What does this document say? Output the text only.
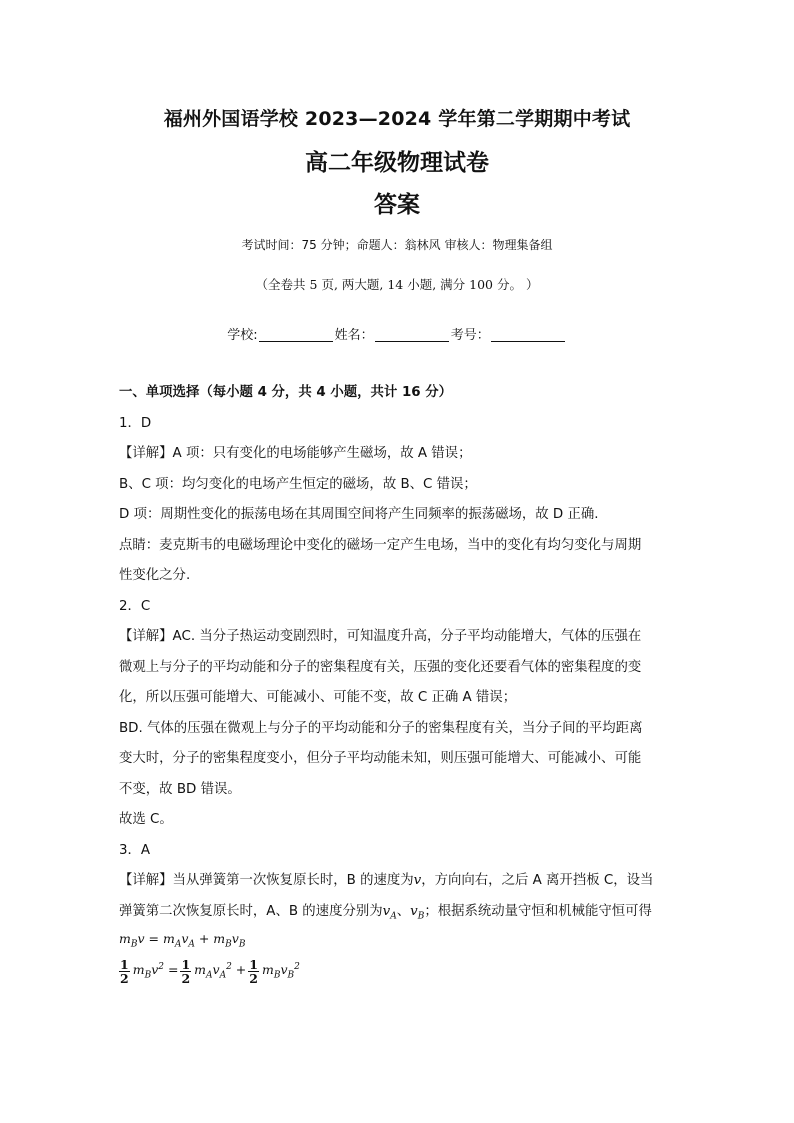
福州外国语学校 2023—2024 学年第二学期期中考试
高二年级物理试卷
答案
考试时间：75 分钟；命题人：翁林风 审核人：物理集备组
（全卷共 5 页, 两大题, 14 小题, 满分 100 分。 ）
学校:	姓名：	考号：
一、单项选择（每小题 4 分，共 4 小题，共计 16 分）
1．D
【详解】A 项：只有变化的电场能够产生磁场，故 A 错误；
B、C 项：均匀变化的电场产生恒定的磁场，故 B、C 错误；
D 项：周期性变化的振荡电场在其周围空间将产生同频率的振荡磁场，故 D 正确.
点睛：麦克斯韦的电磁场理论中变化的磁场一定产生电场，当中的变化有均匀变化与周期
性变化之分.
2．C
【详解】AC. 当分子热运动变剧烈时，可知温度升高，分子平均动能增大，气体的压强在
微观上与分子的平均动能和分子的密集程度有关，压强的变化还要看气体的密集程度的变
化，所以压强可能增大、可能减小、可能不变，故 C 正确 A 错误；
BD. 气体的压强在微观上与分子的平均动能和分子的密集程度有关，当分子间的平均距离
变大时，分子的密集程度变小，但分子平均动能未知，则压强可能增大、可能减小、可能
不变，故 BD 错误。
故选 C。
3．A
【详解】当从弹簧第一次恢复原长时，B 的速度为v，方向向右，之后 A 离开挡板 C，设当
弹簧第二次恢复原长时，A、B 的速度分别为$v_A$、$v_B$；根据系统动量守恒和机械能守恒可得
$m_Bv = m_Av_A + m_Bv_B$
$\frac{1}{2} m_Bv^2 = \frac{1}{2} m_Av_A^2 + \frac{1}{2} m_Bv_B^2$
